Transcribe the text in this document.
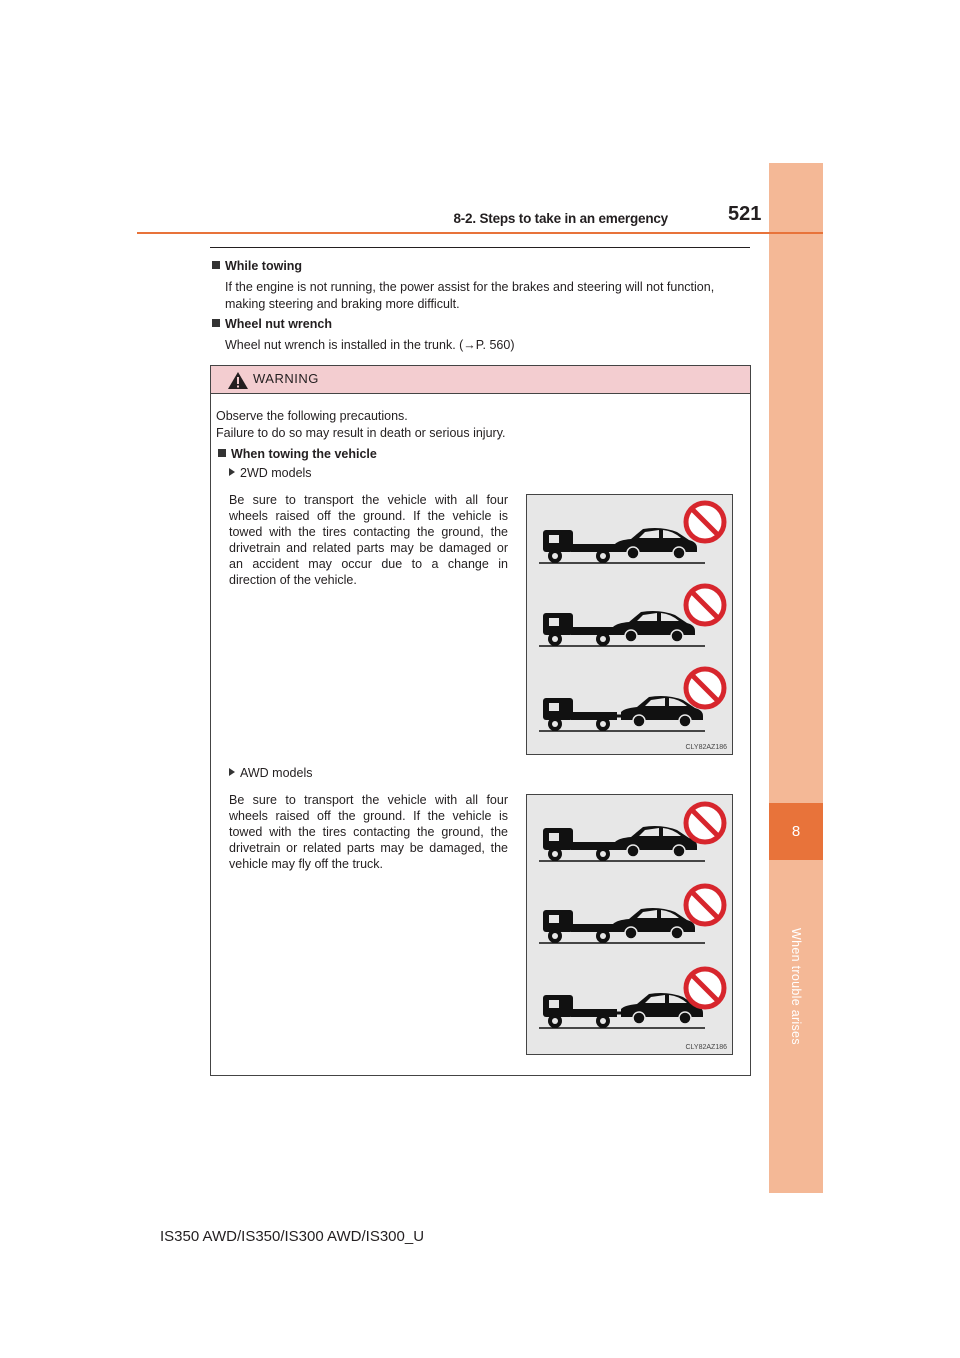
8
When trouble arises
8-2. Steps to take in an emergency	521
While towing
If the engine is not running, the power assist for the brakes and steering will not function, making steering and braking more difficult.
Wheel nut wrench
Wheel nut wrench is installed in the trunk. (→P. 560)
WARNING
Observe the following precautions.
Failure to do so may result in death or serious injury.
When towing the vehicle
2WD models
Be sure to transport the vehicle with all four wheels raised off the ground. If the vehicle is towed with the tires contacting the ground, the drivetrain and related parts may be damaged or an accident may occur due to a change in direction of the vehicle.
CLY82AZ186
AWD models
Be sure to transport the vehicle with all four wheels raised off the ground. If the vehicle is towed with the tires contacting the ground, the drivetrain or related parts may be damaged, the vehicle may fly off the truck.
CLY82AZ186
IS350 AWD/IS350/IS300 AWD/IS300_U
